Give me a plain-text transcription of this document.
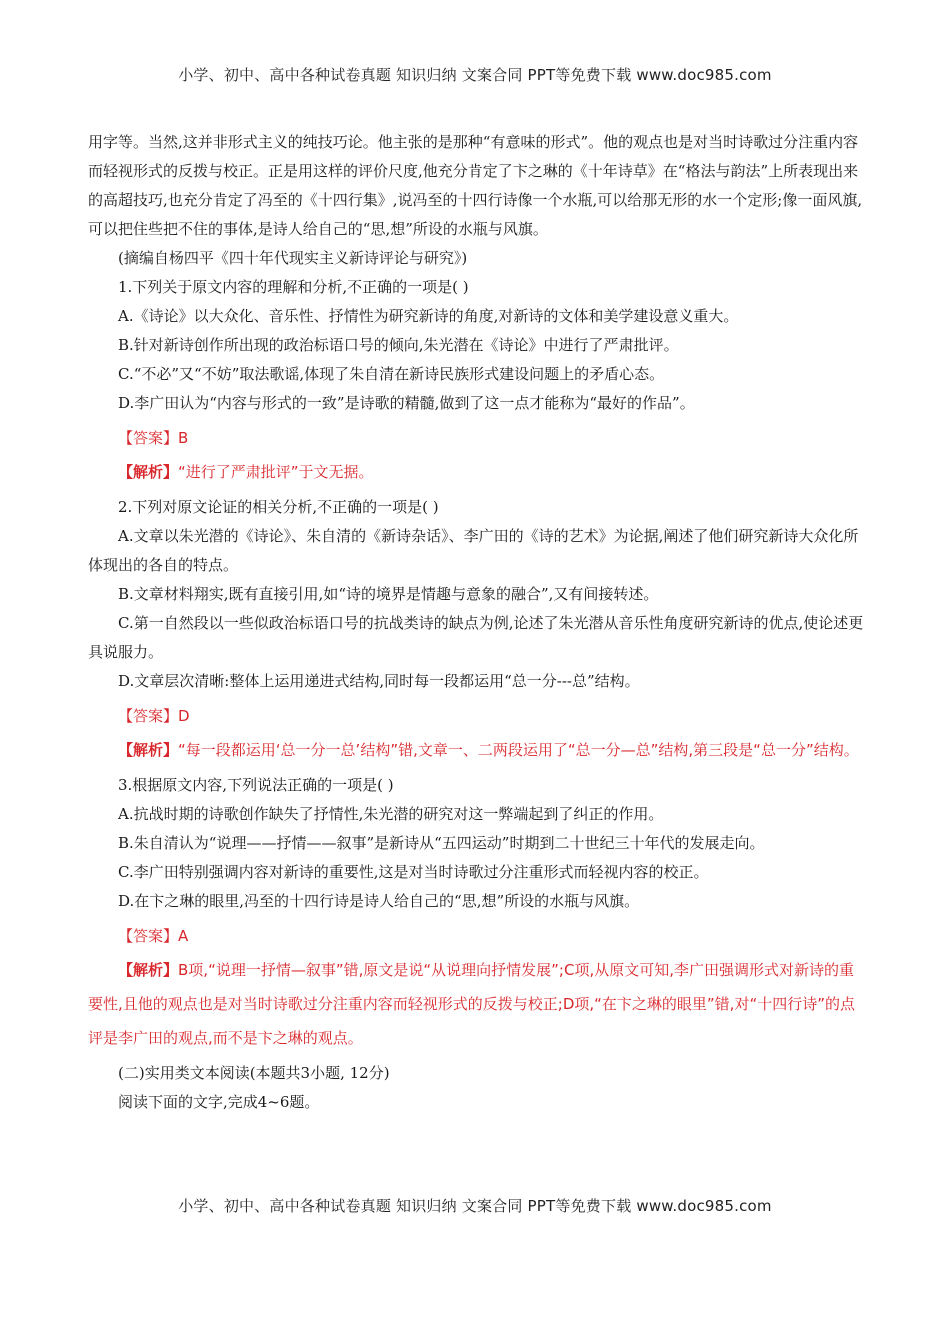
小学、初中、高中各种试卷真题 知识归纳 文案合同 PPT等免费下载 www.doc985.com

用字等。当然,这并非形式主义的纯技巧论。他主张的是那种“有意味的形式”。他的观点也是对当时诗歌过分注重内容而轻视形式的反拨与校正。正是用这样的评价尺度,他充分肯定了卞之琳的《十年诗草》在“格法与韵法”上所表现出来的高超技巧,也充分肯定了冯至的《十四行集》,说冯至的十四行诗像一个水瓶,可以给那无形的水一个定形;像一面风旗,可以把住些把不住的事体,是诗人给自己的“思,想”所设的水瓶与风旗。

(摘编自杨四平《四十年代现实主义新诗评论与研究》)

1.下列关于原文内容的理解和分析,不正确的一项是( )

A.《诗论》以大众化、音乐性、抒情性为研究新诗的角度,对新诗的文体和美学建设意义重大。

B.针对新诗创作所出现的政治标语口号的倾向,朱光潜在《诗论》中进行了严肃批评。

C.“不必”又“不妨”取法歌谣,体现了朱自清在新诗民族形式建设问题上的矛盾心态。

D.李广田认为“内容与形式的一致”是诗歌的精髓,做到了这一点才能称为“最好的作品”。

【答案】B

【解析】“进行了严肃批评”于文无据。

2.下列对原文论证的相关分析,不正确的一项是( )

A.文章以朱光潜的《诗论》、朱自清的《新诗杂话》、李广田的《诗的艺术》为论据,阐述了他们研究新诗大众化所体现出的各自的特点。

B.文章材料翔实,既有直接引用,如“诗的境界是情趣与意象的融合”,又有间接转述。

C.第一自然段以一些似政治标语口号的抗战类诗的缺点为例,论述了朱光潜从音乐性角度研究新诗的优点,使论述更具说服力。

D.文章层次清晰:整体上运用递进式结构,同时每一段都运用“总一分---总”结构。

【答案】D

【解析】“每一段都运用‘总一分一总’结构”错,文章一、二两段运用了“总一分—总”结构,第三段是“总一分”结构。

3.根据原文内容,下列说法正确的一项是( )

A.抗战时期的诗歌创作缺失了抒情性,朱光潜的研究对这一弊端起到了纠正的作用。

B.朱自清认为“说理——抒情——叙事”是新诗从“五四运动”时期到二十世纪三十年代的发展走向。

C.李广田特别强调内容对新诗的重要性,这是对当时诗歌过分注重形式而轻视内容的校正。

D.在卞之琳的眼里,冯至的十四行诗是诗人给自己的“思,想”所设的水瓶与风旗。

【答案】A

【解析】B项,“说理一抒情—叙事”错,原文是说“从说理向抒情发展”;C项,从原文可知,李广田强调形式对新诗的重要性,且他的观点也是对当时诗歌过分注重内容而轻视形式的反拨与校正;D项,“在卞之琳的眼里”错,对“十四行诗”的点评是李广田的观点,而不是卞之琳的观点。

(二)实用类文本阅读(本题共3小题, 12分)

阅读下面的文字,完成4~6题。

小学、初中、高中各种试卷真题 知识归纳 文案合同 PPT等免费下载 www.doc985.com
